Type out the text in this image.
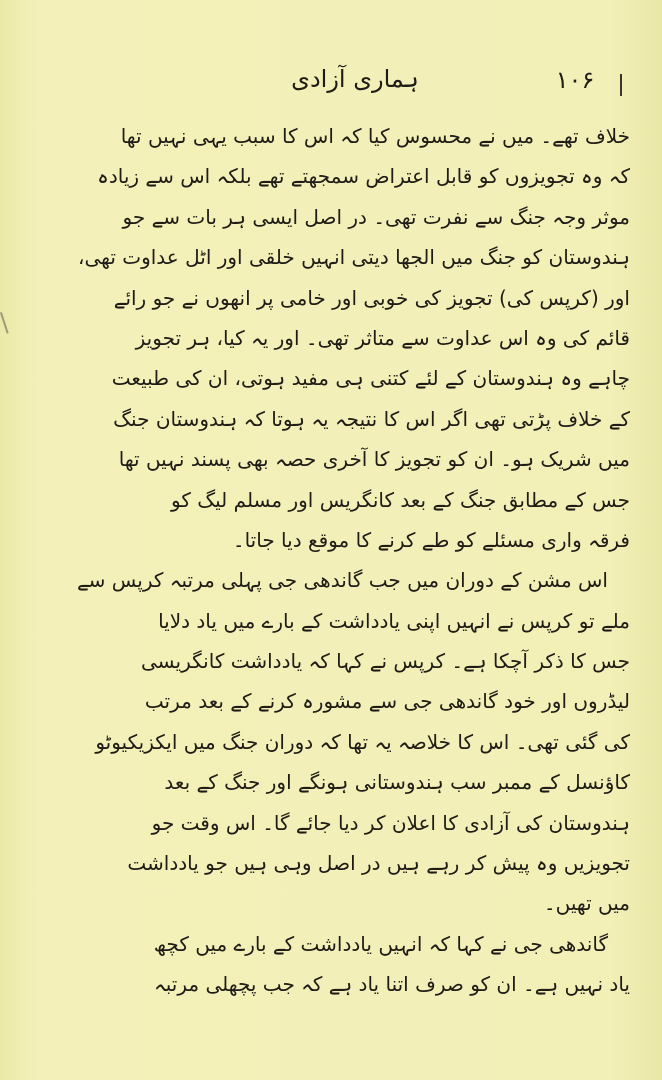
ہماری آزادی	۱۰۶
خلاف تھے۔ میں نے محسوس کیا کہ اس کا سبب یہی نہیں تھا
کہ وہ تجویزوں کو قابل اعتراض سمجھتے تھے بلکہ اس سے زیادہ
موثر وجہ جنگ سے نفرت تھی۔ در اصل ایسی ہر بات سے جو
ہندوستان کو جنگ میں الجھا دیتی انہیں خلقی اور اٹل عداوت تھی،
اور (کرپس کی) تجویز کی خوبی اور خامی پر انھوں نے جو رائے
قائم کی وہ اس عداوت سے متاثر تھی۔ اور یہ کیا، ہر تجویز
چاہے وہ ہندوستان کے لئے کتنی ہی مفید ہوتی، ان کی طبیعت
کے خلاف پڑتی تھی اگر اس کا نتیجہ یہ ہوتا کہ ہندوستان جنگ
میں شریک ہو۔ ان کو تجویز کا آخری حصہ بھی پسند نہیں تھا
جس کے مطابق جنگ کے بعد کانگریس اور مسلم لیگ کو
فرقہ واری مسئلے کو طے کرنے کا موقع دیا جاتا۔
اس مشن کے دوران میں جب گاندھی جی پہلی مرتبہ کرپس سے
ملے تو کرپس نے انہیں اپنی یادداشت کے بارے میں یاد دلایا
جس کا ذکر آچکا ہے۔ کرپس نے کہا کہ یادداشت کانگریسی
لیڈروں اور خود گاندھی جی سے مشورہ کرنے کے بعد مرتب
کی گئی تھی۔ اس کا خلاصہ یہ تھا کہ دوران جنگ میں ایکزیکیوٹو
کاؤنسل کے ممبر سب ہندوستانی ہونگے اور جنگ کے بعد
ہندوستان کی آزادی کا اعلان کر دیا جائے گا۔ اس وقت جو
تجویزیں وہ پیش کر رہے ہیں در اصل وہی ہیں جو یادداشت
میں تھیں۔
گاندھی جی نے کہا کہ انہیں یادداشت کے بارے میں کچھ
یاد نہیں ہے۔ ان کو صرف اتنا یاد ہے کہ جب پچھلی مرتبہ
